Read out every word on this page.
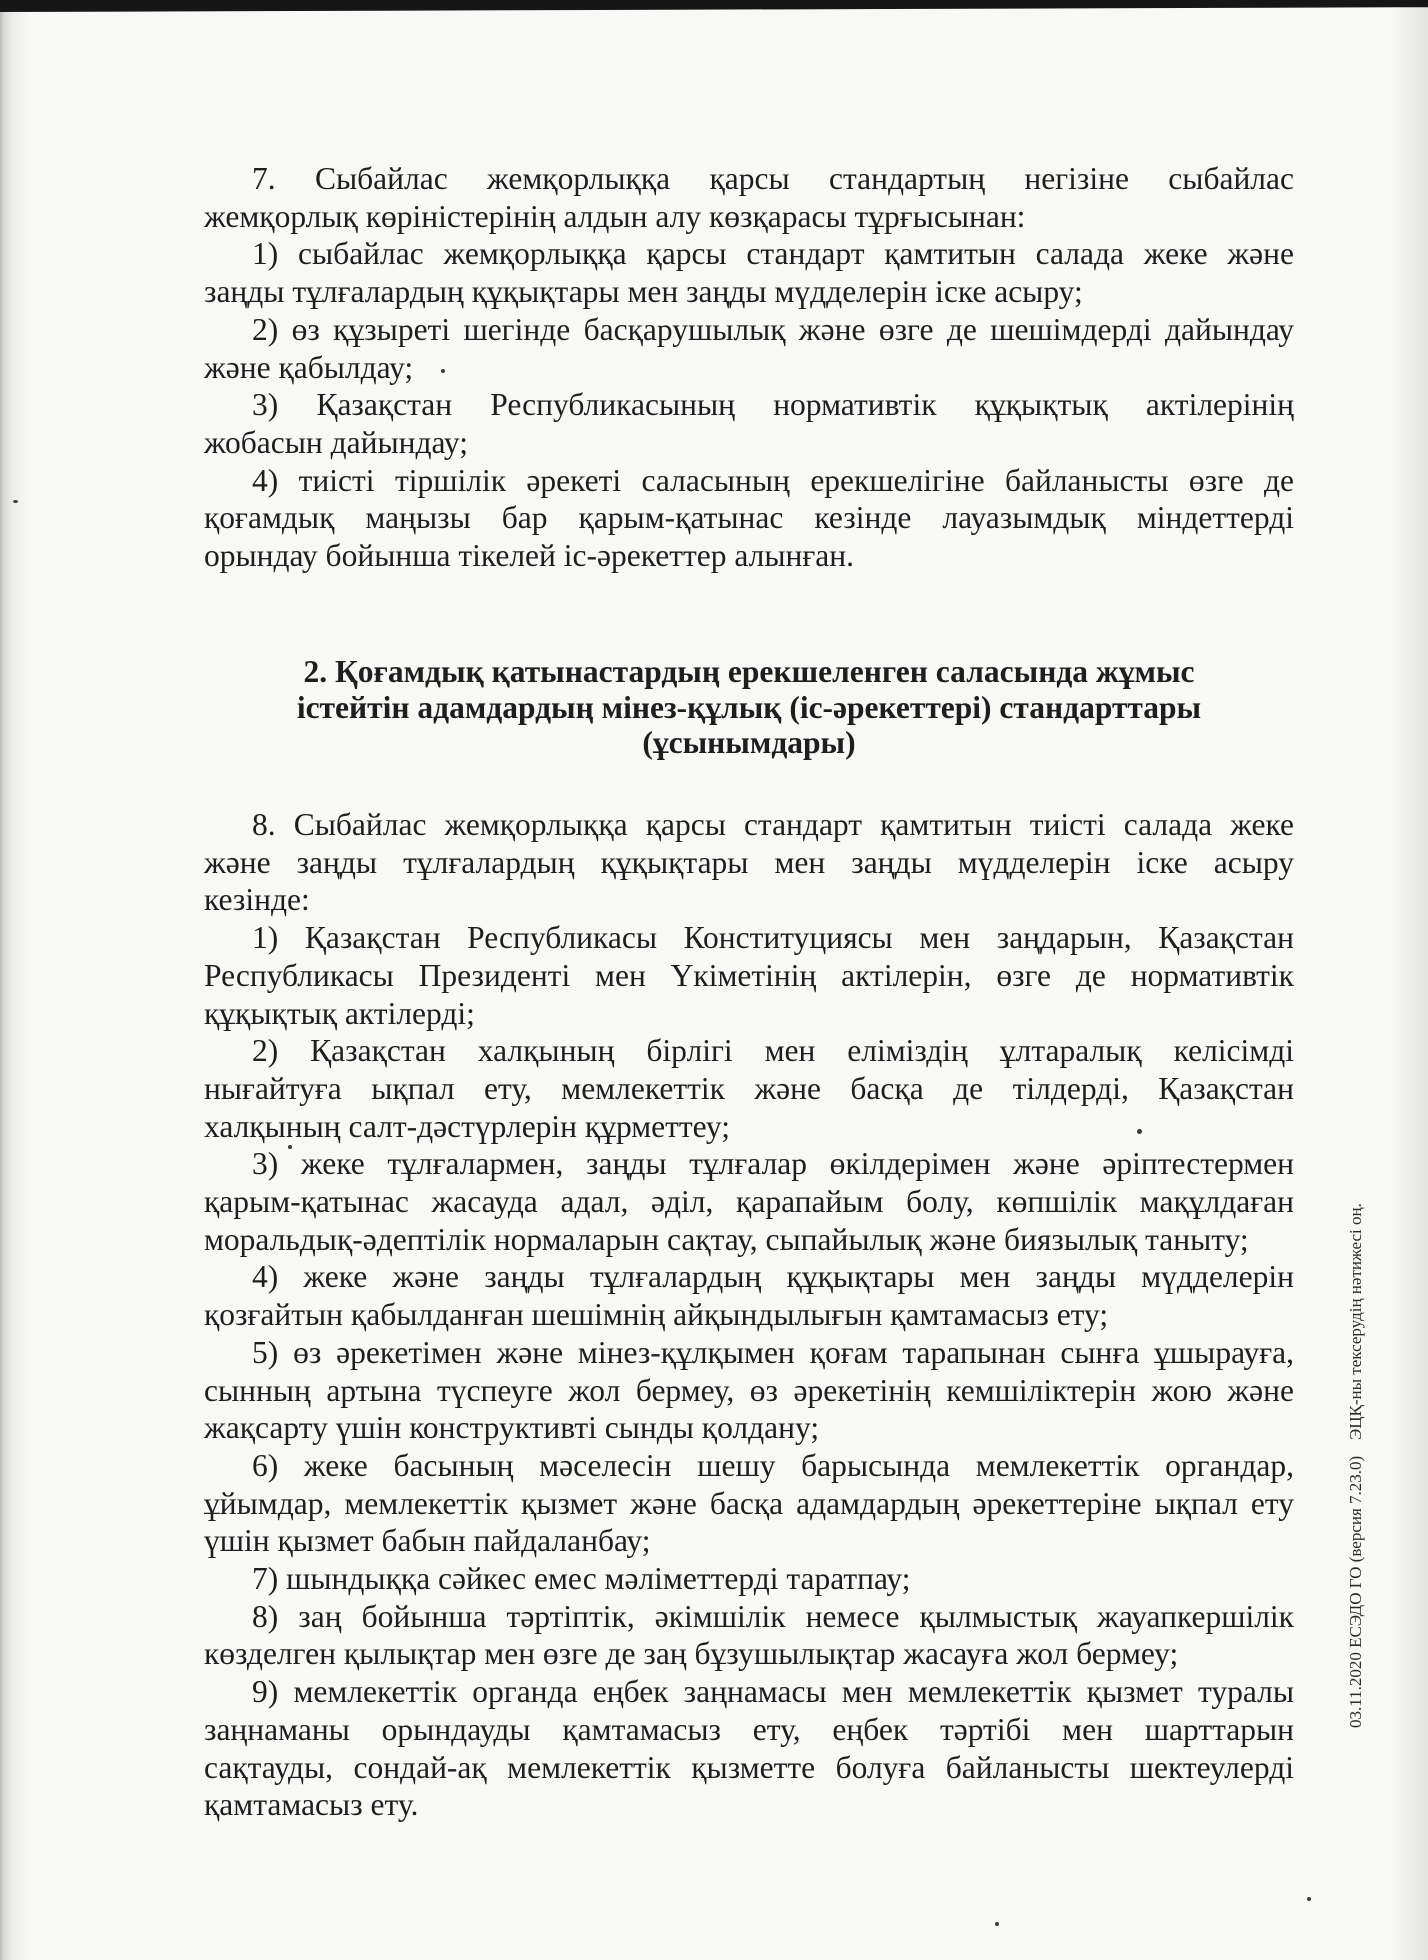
7. Сыбайлас жемқорлыққа қарсы стандартың негізіне сыбайлас
жемқорлық көріністерінің алдын алу көзқарасы тұрғысынан:
1) сыбайлас жемқорлыққа қарсы стандарт қамтитын салада жеке және
заңды тұлғалардың құқықтары мен заңды мүдделерін іске асыру;
2) өз құзыреті шегінде басқарушылық және өзге де шешімдерді дайындау
және қабылдау;
3) Қазақстан Республикасының нормативтік құқықтық актілерінің
жобасын дайындау;
4) тиісті тіршілік әрекеті саласының ерекшелігіне байланысты өзге де
қоғамдық маңызы бар қарым-қатынас кезінде лауазымдық міндеттерді
орындау бойынша тікелей іс-әрекеттер алынған.
2. Қоғамдық қатынастардың ерекшеленген саласында жұмыс
істейтін адамдардың мінез-құлық (іс-әрекеттері) стандарттары
(ұсынымдары)
8. Сыбайлас жемқорлыққа қарсы стандарт қамтитын тиісті салада жеке
және заңды тұлғалардың құқықтары мен заңды мүдделерін іске асыру
кезінде:
1) Қазақстан Республикасы Конституциясы мен заңдарын, Қазақстан
Республикасы Президенті мен Үкіметінің актілерін, өзге де нормативтік
құқықтық актілерді;
2) Қазақстан халқының бірлігі мен еліміздің ұлтаралық келісімді
нығайтуға ықпал ету, мемлекеттік және басқа де тілдерді, Қазақстан
халқының салт-дәстүрлерін құрметтеу;
3) жеке тұлғалармен, заңды тұлғалар өкілдерімен және әріптестермен
қарым-қатынас жасауда адал, әділ, қарапайым болу, көпшілік мақұлдаған
моральдық-әдептілік нормаларын сақтау, сыпайылық және биязылық таныту;
4) жеке және заңды тұлғалардың құқықтары мен заңды мүдделерін
қозғайтын қабылданған шешімнің айқындылығын қамтамасыз ету;
5) өз әрекетімен және мінез-құлқымен қоғам тарапынан сынға ұшырауға,
сынның артына түспеуге жол бермеу, өз әрекетінің кемшіліктерін жою және
жақсарту үшін конструктивті сынды қолдану;
6) жеке басының мәселесін шешу барысында мемлекеттік органдар,
ұйымдар, мемлекеттік қызмет және басқа адамдардың әрекеттеріне ықпал ету
үшін қызмет бабын пайдаланбау;
7) шындыққа сәйкес емес мәліметтерді таратпау;
8) заң бойынша тәртіптік, әкімшілік немесе қылмыстық жауапкершілік
көзделген қылықтар мен өзге де заң бұзушылықтар жасауға жол бермеу;
9) мемлекеттік органда еңбек заңнамасы мен мемлекеттік қызмет туралы
заңнаманы орындауды қамтамасыз ету, еңбек тәртібі мен шарттарын
сақтауды, сондай-ақ мемлекеттік қызметте болуға байланысты шектеулерді
қамтамасыз ету.
03.11.2020 ЕСЭДО ГО (версия 7.23.0)ЭЦҚ-ны тексерудің нәтижесі оң.
